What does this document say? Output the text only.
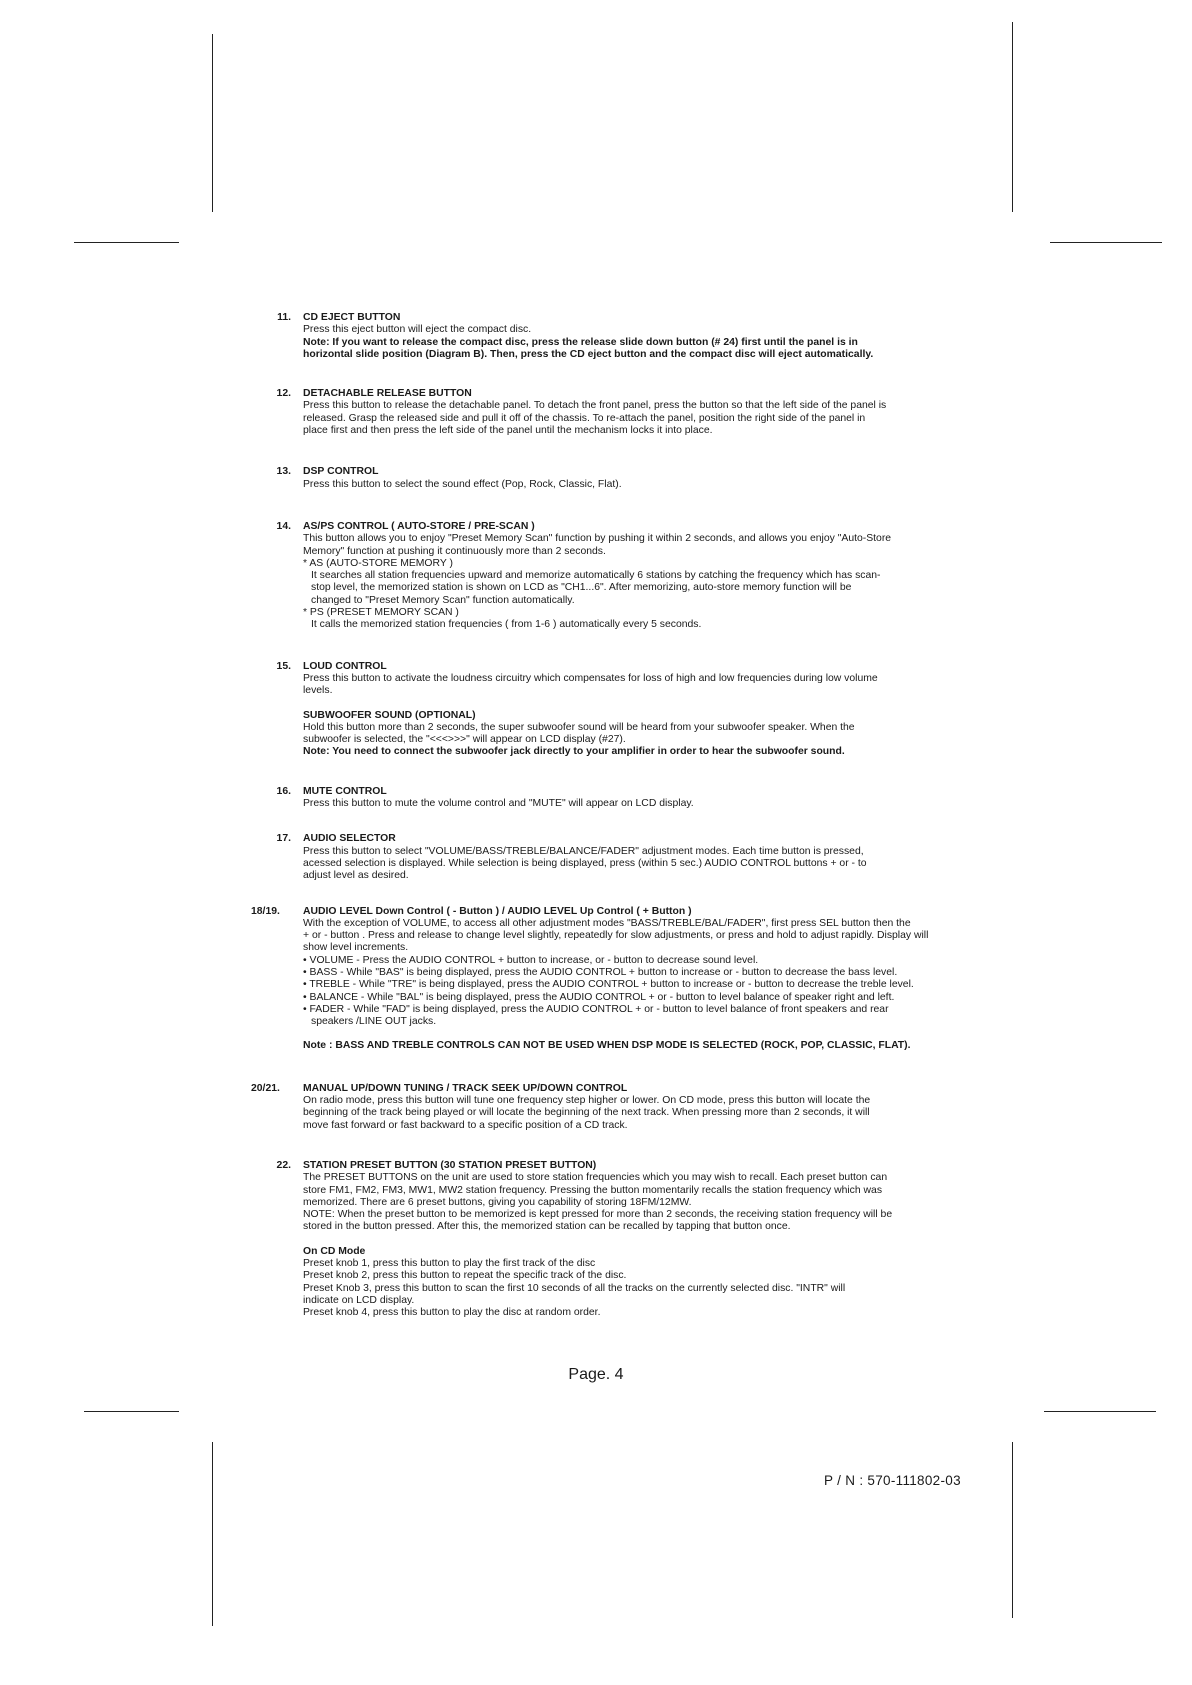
11. CD EJECT BUTTON
Press this eject button will eject the compact disc.
Note: If you want to release the compact disc, press the release slide down button (# 24) first until the panel is in
horizontal slide position (Diagram B). Then, press the CD eject button and the compact disc will eject automatically.
12. DETACHABLE RELEASE BUTTON
Press this button to release the detachable panel. To detach the front panel, press the button so that the left side of the panel is
released. Grasp the released side and pull it off of the chassis. To re-attach the panel, position the right side of the panel in
place first and then press the left side of the panel until the mechanism locks it into place.
13. DSP CONTROL
Press this button to select the sound effect (Pop, Rock, Classic, Flat).
14. AS/PS CONTROL ( AUTO-STORE / PRE-SCAN )
This button allows you to enjoy "Preset Memory Scan" function by pushing it within 2 seconds, and allows you enjoy "Auto-Store
Memory" function at pushing it continuously more than 2 seconds.
* AS (AUTO-STORE MEMORY )
It searches all station frequencies upward and memorize automatically 6 stations by catching the frequency which has scan-
stop level, the memorized station is shown on LCD as "CH1...6". After memorizing, auto-store memory function will be
changed to "Preset Memory Scan" function automatically.
* PS (PRESET MEMORY SCAN )
It calls the memorized station frequencies ( from 1-6 ) automatically every 5 seconds.
15. LOUD CONTROL
Press this button to activate the loudness circuitry which compensates for loss of high and low frequencies during low volume
levels.
SUBWOOFER SOUND (OPTIONAL)
Hold this button more than 2 seconds, the super subwoofer sound will be heard from your subwoofer speaker. When the
subwoofer is selected, the "<<<>>>" will appear on LCD display (#27).
Note: You need to connect the subwoofer jack directly to your amplifier in order to hear the subwoofer sound.
16. MUTE CONTROL
Press this button to mute the volume control and "MUTE" will appear on LCD display.
17. AUDIO SELECTOR
Press this button to select "VOLUME/BASS/TREBLE/BALANCE/FADER" adjustment modes. Each time button is pressed,
acessed selection is displayed. While selection is being displayed, press (within 5 sec.) AUDIO CONTROL buttons + or - to
adjust level as desired.
18/19.	AUDIO LEVEL Down Control ( - Button ) / AUDIO LEVEL Up Control ( + Button )
With the exception of VOLUME, to access all other adjustment modes "BASS/TREBLE/BAL/FADER", first press SEL button then the
+ or - button . Press and release to change level slightly, repeatedly for slow adjustments, or press and hold to adjust rapidly. Display will
show level increments.
• VOLUME - Press the AUDIO CONTROL + button to increase, or - button to decrease sound level.
• BASS - While "BAS" is being displayed, press the AUDIO CONTROL + button to increase or - button to decrease the bass level.
• TREBLE - While "TRE" is being displayed, press the AUDIO CONTROL + button to increase or - button to decrease the treble level.
• BALANCE - While "BAL" is being displayed, press the AUDIO CONTROL + or - button to level balance of speaker right and left.
• FADER - While "FAD" is being displayed, press the AUDIO CONTROL + or - button to level balance of front speakers and rear
speakers /LINE OUT jacks.
Note : BASS AND TREBLE CONTROLS CAN NOT BE USED WHEN DSP MODE IS SELECTED (ROCK, POP, CLASSIC, FLAT).
20/21.	MANUAL UP/DOWN TUNING / TRACK SEEK UP/DOWN CONTROL
On radio mode, press this button will tune one frequency step higher or lower. On CD mode, press this button will locate the
beginning of the track being played or will locate the beginning of the next track. When pressing more than 2 seconds, it will
move fast forward or fast backward to a specific position of a CD track.
22. STATION PRESET BUTTON (30 STATION PRESET BUTTON)
The PRESET BUTTONS on the unit are used to store station frequencies which you may wish to recall. Each preset button can
store FM1, FM2, FM3, MW1, MW2 station frequency. Pressing the button momentarily recalls the station frequency which was
memorized. There are 6 preset buttons, giving you capability of storing 18FM/12MW.
NOTE: When the preset button to be memorized is kept pressed for more than 2 seconds, the receiving station frequency will be
stored in the button pressed. After this, the memorized station can be recalled by tapping that button once.
On CD Mode
Preset knob 1, press this button to play the first track of the disc
Preset knob 2, press this button to repeat the specific track of the disc.
Preset Knob 3, press this button to scan the first 10 seconds of all the tracks on the currently selected disc. "INTR" will
indicate on LCD display.
Preset knob 4, press this button to play the disc at random order.
Page. 4
P / N : 570-111802-03
